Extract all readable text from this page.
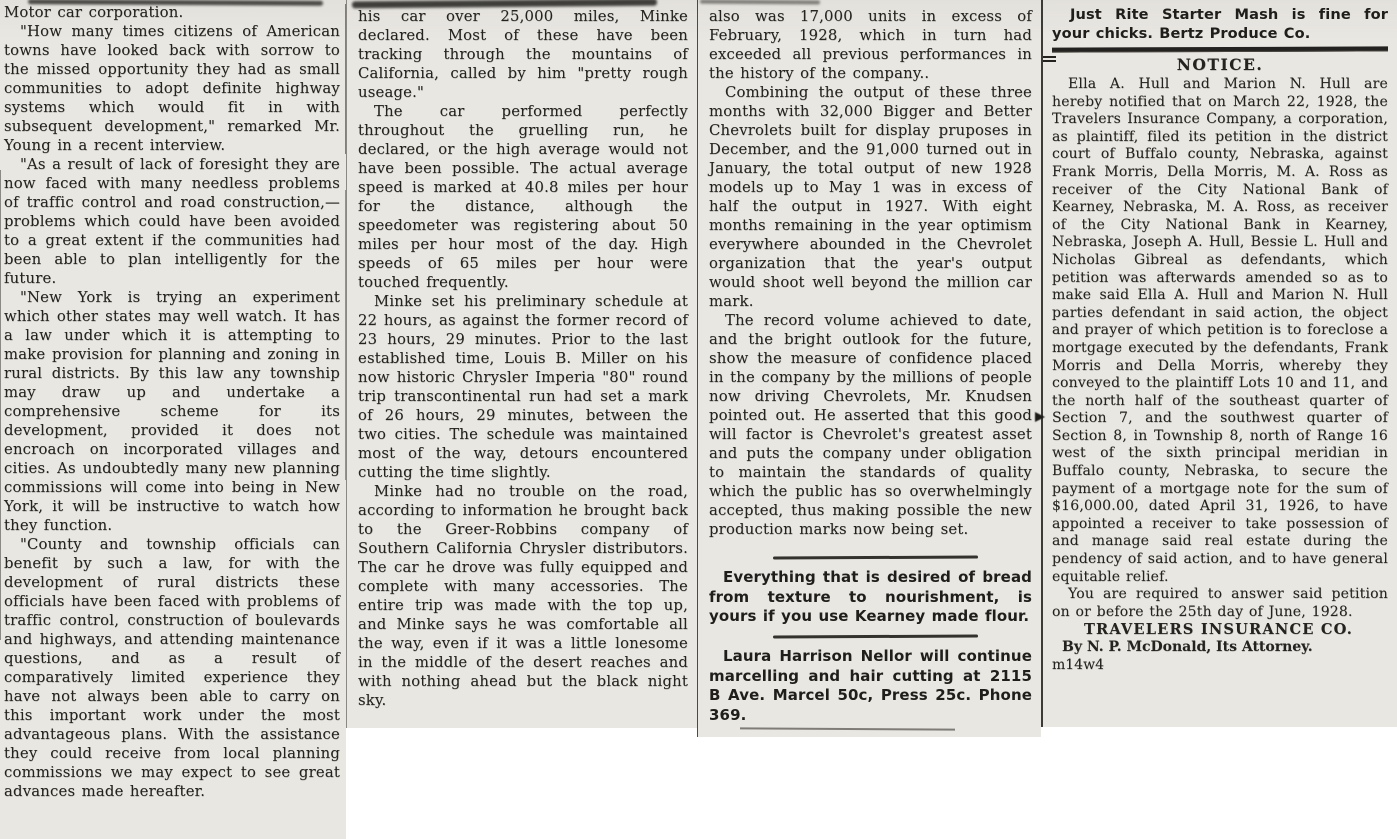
Motor car corporation.

"How many times citizens of American towns have looked back with sorrow to the missed opportunity they had as small communities to adopt definite highway systems which would fit in with subsequent development," remarked Mr. Young in a recent interview.

"As a result of lack of foresight they are now faced with many needless problems of traffic control and road construction,—problems which could have been avoided to a great extent if the communities had been able to plan intelligently for the future.

"New York is trying an experiment which other states may well watch. It has a law under which it is attempting to make provision for planning and zoning in rural districts. By this law any township may draw up and undertake a comprehensive scheme for its development, provided it does not encroach on incorporated villages and cities. As undoubtedly many new planning commissions will come into being in New York, it will be instructive to watch how they function.

"County and township officials can benefit by such a law, for with the development of rural districts these officials have been faced with problems of traffic control, construction of boulevards and highways, and attending maintenance questions, and as a result of comparatively limited experience they have not always been able to carry on this important work under the most advantageous plans. With the assistance they could receive from local planning commissions we may expect to see great advances made hereafter.

his car over 25,000 miles, Minke declared. Most of these have been tracking through the mountains of California, called by him "pretty rough useage."

The car performed perfectly throughout the gruelling run, he declared, or the high average would not have been possible. The actual average speed is marked at 40.8 miles per hour for the distance, although the speedometer was registering about 50 miles per hour most of the day. High speeds of 65 miles per hour were touched frequently.

Minke set his preliminary schedule at 22 hours, as against the former record of 23 hours, 29 minutes. Prior to the last established time, Louis B. Miller on his now historic Chrysler Imperia "80" round trip transcontinental run had set a mark of 26 hours, 29 minutes, between the two cities. The schedule was maintained most of the way, detours encountered cutting the time slightly.

Minke had no trouble on the road, according to information he brought back to the Greer-Robbins company of Southern California Chrysler distributors. The car he drove was fully equipped and complete with many accessories. The entire trip was made with the top up, and Minke says he was comfortable all the way, even if it was a little lonesome in the middle of the desert reaches and with nothing ahead but the black night sky.

also was 17,000 units in excess of February, 1928, which in turn had exceeded all previous performances in the history of the company..

Combining the output of these three months with 32,000 Bigger and Better Chevrolets built for display pruposes in December, and the 91,000 turned out in January, the total output of new 1928 models up to May 1 was in excess of half the output in 1927. With eight months remaining in the year optimism everywhere abounded in the Chevrolet organization that the year's output would shoot well beyond the million car mark.

The record volume achieved to date, and the bright outlook for the future, show the measure of confidence placed in the company by the millions of people now driving Chevrolets, Mr. Knudsen pointed out. He asserted that this good will factor is Chevrolet's greatest asset and puts the company under obligation to maintain the standards of quality which the public has so overwhelmingly accepted, thus making possible the new production marks now being set.

Everything that is desired of bread from texture to nourishment, is yours if you use Kearney made flour.

Laura Harrison Nellor will continue marcelling and hair cutting at 2115 B Ave. Marcel 50c, Press 25c. Phone 369.

Just Rite Starter Mash is fine for your chicks. Bertz Produce Co.

NOTICE.

Ella A. Hull and Marion N. Hull are hereby notified that on March 22, 1928, the Travelers Insurance Company, a corporation, as plaintiff, filed its petition in the district court of Buffalo county, Nebraska, against Frank Morris, Della Morris, M. A. Ross as receiver of the City National Bank of Kearney, Nebraska, M. A. Ross, as receiver of the City National Bank in Kearney, Nebraska, Joseph A. Hull, Bessie L. Hull and Nicholas Gibreal as defendants, which petition was afterwards amended so as to make said Ella A. Hull and Marion N. Hull parties defendant in said action, the object and prayer of which petition is to foreclose a mortgage executed by the defendants, Frank Morris and Della Morris, whereby they conveyed to the plaintiff Lots 10 and 11, and the north half of the southeast quarter of Section 7, and the southwest quarter of Section 8, in Township 8, north of Range 16 west of the sixth principal meridian in Buffalo county, Nebraska, to secure the payment of a mortgage note for the sum of $16,000.00, dated April 31, 1926, to have appointed a receiver to take possession of and manage said real estate during the pendency of said action, and to have general equitable relief.

You are required to answer said petition on or before the 25th day of June, 1928.

TRAVELERS INSURANCE CO.

By N. P. McDonald, Its Attorney.

m14w4
